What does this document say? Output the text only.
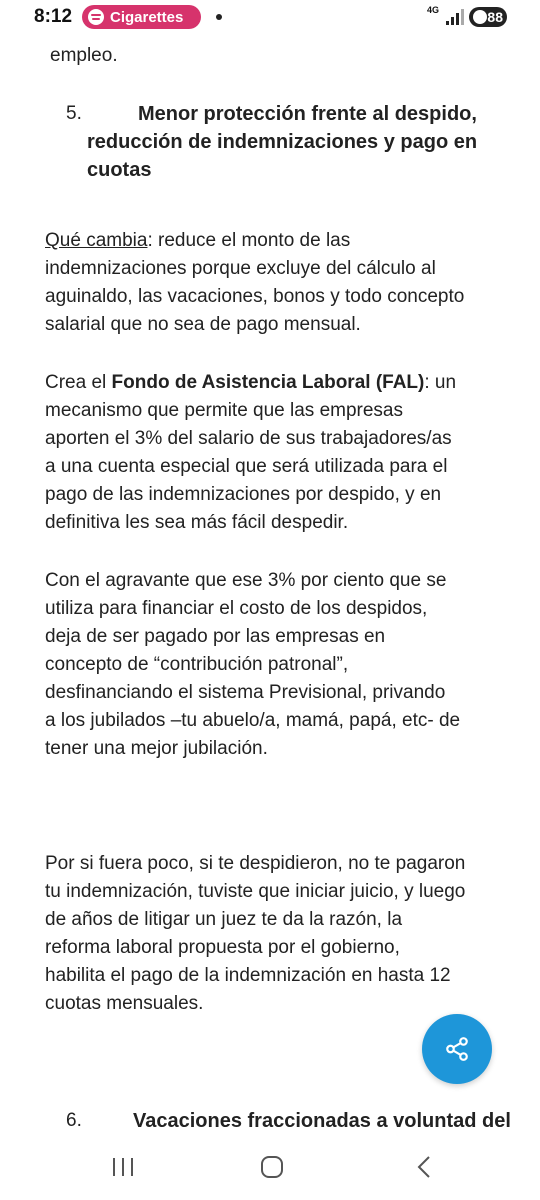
empleo.
5.	Menor protección frente al despido,
reducción de indemnizaciones y pago en
cuotas
Qué cambia: reduce el monto de las
indemnizaciones porque excluye del cálculo al
aguinaldo, las vacaciones, bonos y todo concepto
salarial que no sea de pago mensual.
Crea el Fondo de Asistencia Laboral (FAL): un
mecanismo que permite que las empresas
aporten el 3% del salario de sus trabajadores/as
a una cuenta especial que será utilizada para el
pago de las indemnizaciones por despido, y en
definitiva les sea más fácil despedir.
Con el agravante que ese 3% por ciento que se
utiliza para financiar el costo de los despidos,
deja de ser pagado por las empresas en
concepto de “contribución patronal”,
desfinanciando el sistema Previsional, privando
a los jubilados –tu abuelo/a, mamá, papá, etc- de
tener una mejor jubilación.
Por si fuera poco, si te despidieron, no te pagaron
tu indemnización, tuviste que iniciar juicio, y luego
de años de litigar un juez te da la razón, la
reforma laboral propuesta por el gobierno,
habilita el pago de la indemnización en hasta 12
cuotas mensuales.
6.	Vacaciones fraccionadas a voluntad del
8:12	Cigarettes	4G	88
